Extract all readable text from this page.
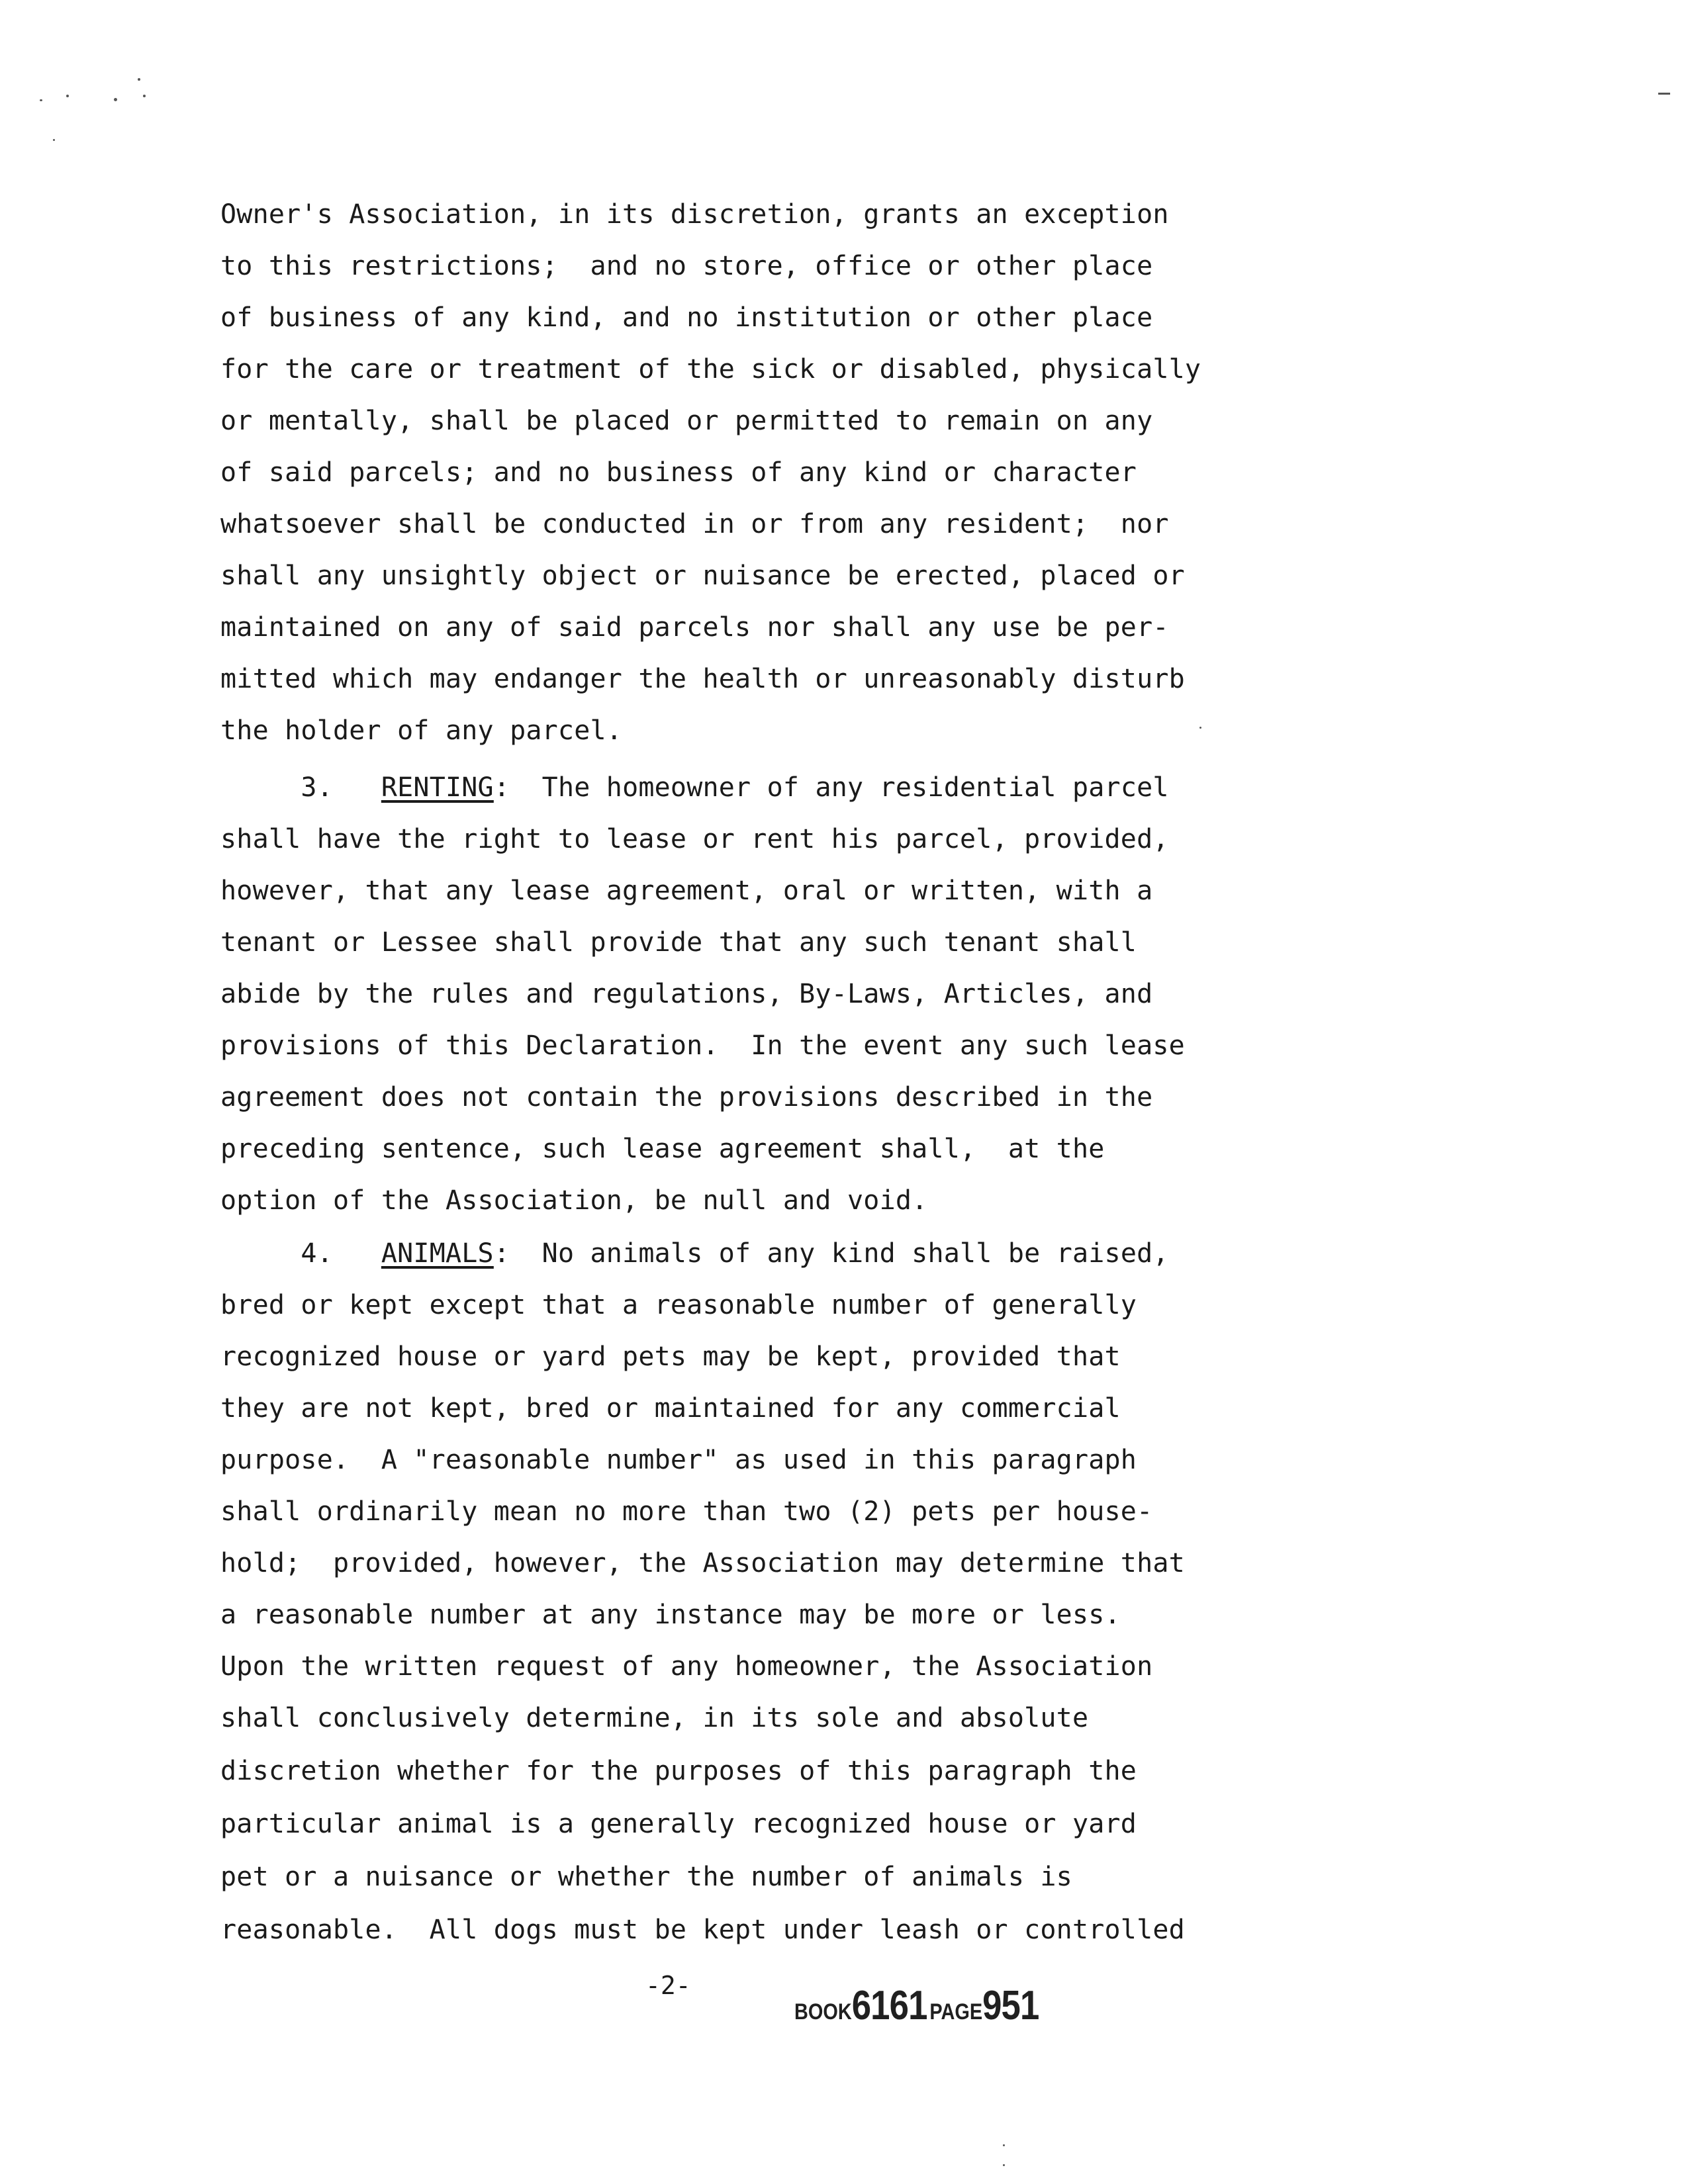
Owner's Association, in its discretion, grants an exception
to this restrictions;  and no store, office or other place
of business of any kind, and no institution or other place
for the care or treatment of the sick or disabled, physically
or mentally, shall be placed or permitted to remain on any
of said parcels; and no business of any kind or character
whatsoever shall be conducted in or from any resident;  nor
shall any unsightly object or nuisance be erected, placed or
maintained on any of said parcels nor shall any use be per-
mitted which may endanger the health or unreasonably disturb
the holder of any parcel.
3. RENTING:  The homeowner of any residential parcel
shall have the right to lease or rent his parcel, provided,
however, that any lease agreement, oral or written, with a
tenant or Lessee shall provide that any such tenant shall
abide by the rules and regulations, By-Laws, Articles, and
provisions of this Declaration.  In the event any such lease
agreement does not contain the provisions described in the
preceding sentence, such lease agreement shall,  at the
option of the Association, be null and void.
4. ANIMALS:  No animals of any kind shall be raised,
bred or kept except that a reasonable number of generally
recognized house or yard pets may be kept, provided that
they are not kept, bred or maintained for any commercial
purpose.  A "reasonable number" as used in this paragraph
shall ordinarily mean no more than two (2) pets per house-
hold;  provided, however, the Association may determine that
a reasonable number at any instance may be more or less.
Upon the written request of any homeowner, the Association
shall conclusively determine, in its sole and absolute
discretion whether for the purposes of this paragraph the
particular animal is a generally recognized house or yard
pet or a nuisance or whether the number of animals is
reasonable.  All dogs must be kept under leash or controlled
-2-
BOOK6161 PAGE951
